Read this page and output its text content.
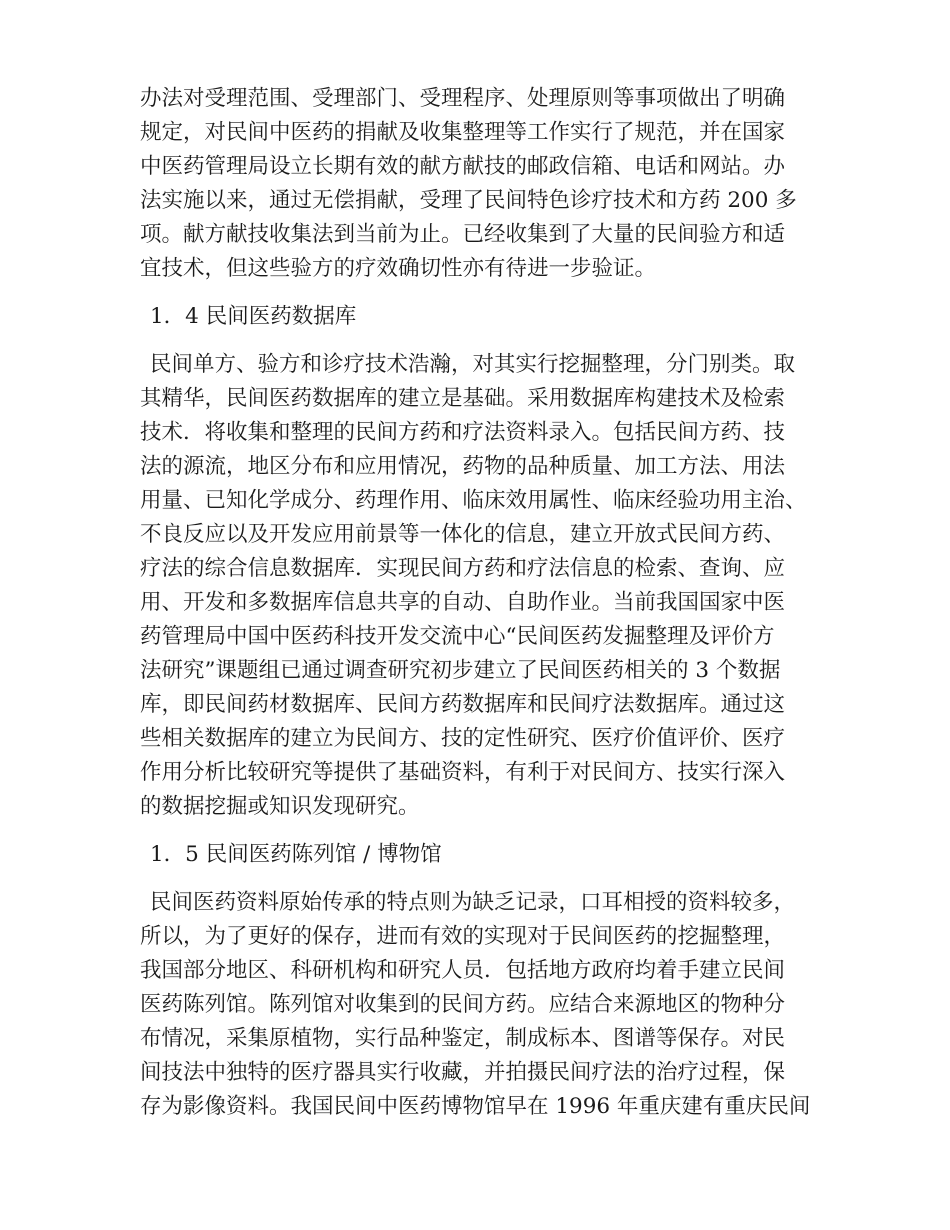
办法对受理范围、受理部门、受理程序、处理原则等事项做出了明确
规定，对民间中医药的捐献及收集整理等工作实行了规范，并在国家
中医药管理局设立长期有效的献方献技的邮政信箱、电话和网站。办
法实施以来，通过无偿捐献，受理了民间特色诊疗技术和方药 200 多
项。献方献技收集法到当前为止。已经收集到了大量的民间验方和适
宜技术，但这些验方的疗效确切性亦有待进一步验证。
1．4 民间医药数据库
民间单方、验方和诊疗技术浩瀚，对其实行挖掘整理，分门别类。取
其精华，民间医药数据库的建立是基础。采用数据库构建技术及检索
技术．将收集和整理的民间方药和疗法资料录入。包括民间方药、技
法的源流，地区分布和应用情况，药物的品种质量、加工方法、用法
用量、已知化学成分、药理作用、临床效用属性、临床经验功用主治、
不良反应以及开发应用前景等一体化的信息，建立开放式民间方药、
疗法的综合信息数据库．实现民间方药和疗法信息的检索、查询、应
用、开发和多数据库信息共享的自动、自助作业。当前我国国家中医
药管理局中国中医药科技开发交流中心“民间医药发掘整理及评价方
法研究”课题组已通过调查研究初步建立了民间医药相关的 3 个数据
库，即民间药材数据库、民间方药数据库和民间疗法数据库。通过这
些相关数据库的建立为民间方、技的定性研究、医疗价值评价、医疗
作用分析比较研究等提供了基础资料，有利于对民间方、技实行深入
的数据挖掘或知识发现研究。
1．5 民间医药陈列馆 / 博物馆
民间医药资料原始传承的特点则为缺乏记录，口耳相授的资料较多，
所以，为了更好的保存，进而有效的实现对于民间医药的挖掘整理，
我国部分地区、科研机构和研究人员．包括地方政府均着手建立民间
医药陈列馆。陈列馆对收集到的民间方药。应结合来源地区的物种分
布情况，采集原植物，实行品种鉴定，制成标本、图谱等保存。对民
间技法中独特的医疗器具实行收藏，并拍摄民间疗法的治疗过程，保
存为影像资料。我国民间中医药博物馆早在 1996 年重庆建有重庆民间
